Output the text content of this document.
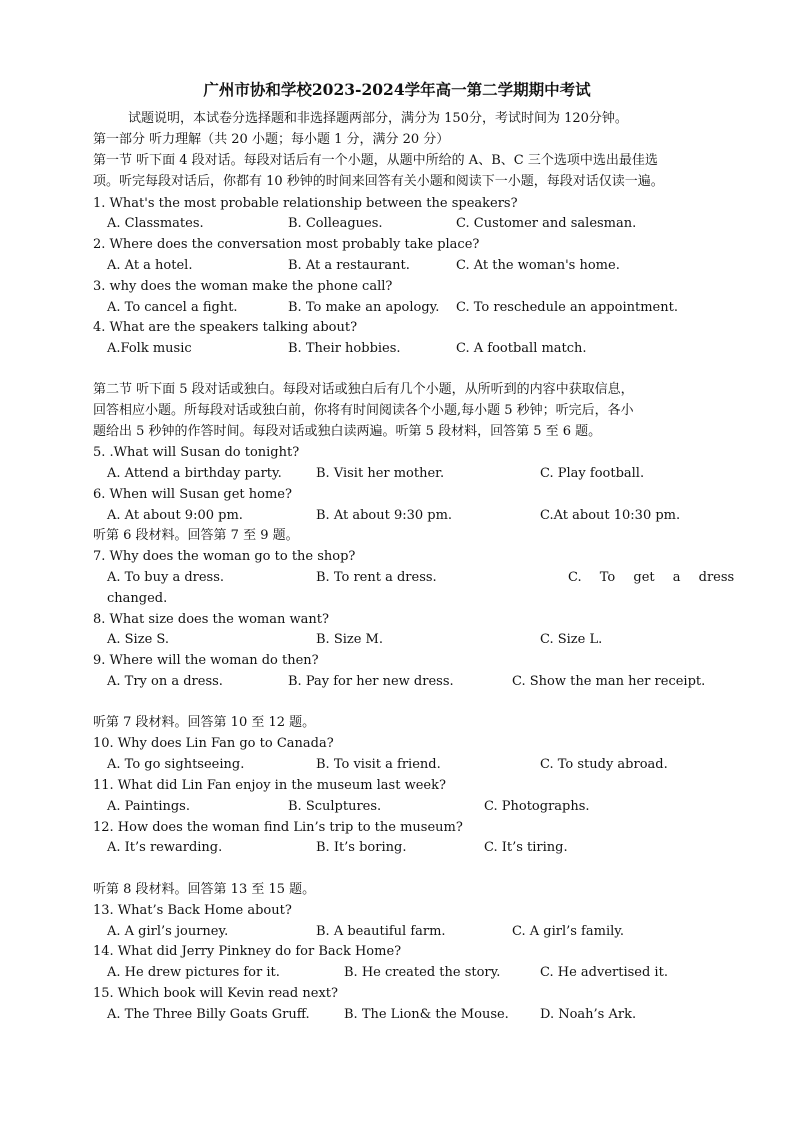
广州市协和学校2023-2024学年高一第二学期期中考试
试题说明，本试卷分选择题和非选择题两部分，满分为 150分，考试时间为 120分钟。
第一部分 听力理解（共 20 小题；每小题 1 分，满分 20 分）
第一节 听下面 4 段对话。每段对话后有一个小题，从题中所给的 A、B、C 三个选项中选出最佳选
项。听完每段对话后，你都有 10 秒钟的时间来回答有关小题和阅读下一小题，每段对话仅读一遍。
1. What's the most probable relationship between the speakers?
A. Classmates.	B. Colleagues.	C. Customer and salesman.
2. Where does the conversation most probably take place?
A. At a hotel.	B. At a restaurant.	C. At the woman's home.
3. why does the woman make the phone call?
A. To cancel a fight.	B. To make an apology. C. To reschedule an appointment.
4. What are the speakers talking about?
A.Folk music	B. Their hobbies.	C. A football match.
第二节 听下面 5 段对话或独白。每段对话或独白后有几个小题，从所听到的内容中获取信息，
回答相应小题。所每段对话或独白前，你将有时间阅读各个小题,每小题 5 秒钟；听完后，各小
题给出 5 秒钟的作答时间。每段对话或独白读两遍。听第 5 段材料，回答第 5 至 6 题。
5. .What will Susan do tonight?
A. Attend a birthday party.	B. Visit her mother.	C. Play football.
6. When will Susan get home?
A. At about 9:00 pm.	B. At about 9:30 pm.	C.At about 10:30 pm.
听第 6 段材料。回答第 7 至 9 题。
7. Why does the woman go to the shop?
A. To buy a dress.	B. To rent a dress.	C. To get a dress
changed.
8. What size does the woman want?
A. Size S.	B. Size M.	C. Size L.
9. Where will the woman do then?
A. Try on a dress.	B. Pay for her new dress.	C. Show the man her receipt.
听第 7 段材料。回答第 10 至 12 题。
10. Why does Lin Fan go to Canada?
A. To go sightseeing.	B. To visit a friend.	C. To study abroad.
11. What did Lin Fan enjoy in the museum last week?
A. Paintings.	B. Sculptures.	C. Photographs.
12. How does the woman find Lin’s trip to the museum?
A. It’s rewarding.	B. It’s boring.	C. It’s tiring.
听第 8 段材料。回答第 13 至 15 题。
13. What’s Back Home about?
A. A girl’s journey.	B. A beautiful farm.	C. A girl’s family.
14. What did Jerry Pinkney do for Back Home?
A. He drew pictures for it.	B. He created the story.	C. He advertised it.
15. Which book will Kevin read next?
A. The Three Billy Goats Gruff.	B. The Lion& the Mouse. D. Noah’s Ark.
